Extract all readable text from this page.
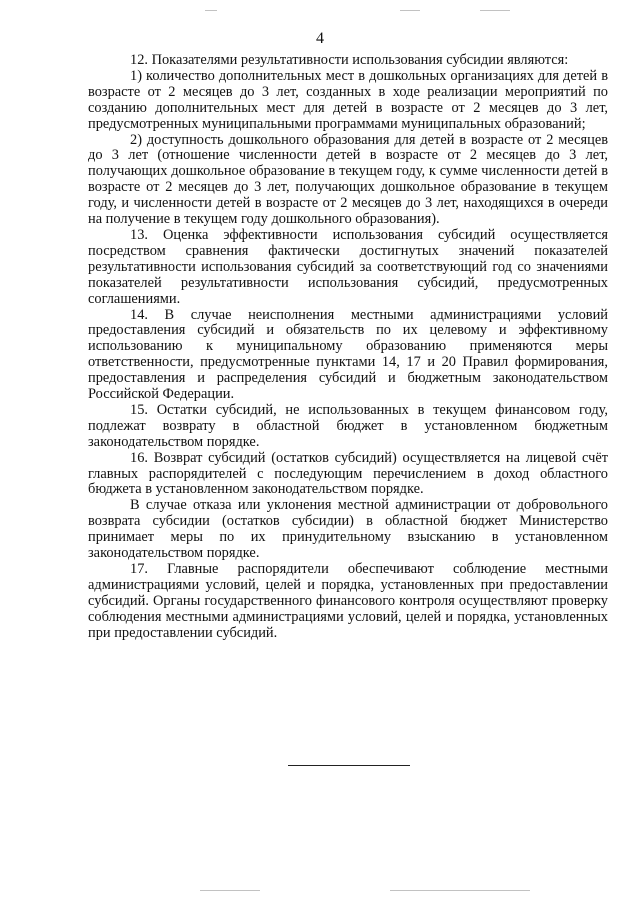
4

12. Показателями результативности использования субсидии являются:

1) количество дополнительных мест в дошкольных организациях для детей в возрасте от 2 месяцев до 3 лет, созданных в ходе реализации мероприятий по созданию дополнительных мест для детей в возрасте от 2 месяцев до 3 лет, предусмотренных муниципальными программами муниципальных образований;

2) доступность дошкольного образования для детей в возрасте от 2 месяцев до 3 лет (отношение численности детей в возрасте от 2 месяцев до 3 лет, получающих дошкольное образование в текущем году, к сумме численности детей в возрасте от 2 месяцев до 3 лет, получающих дошкольное образование в текущем году, и численности детей в возрасте от 2 месяцев до 3 лет, находящихся в очереди на получение в текущем году дошкольного образования).

13. Оценка эффективности использования субсидий осуществляется посредством сравнения фактически достигнутых значений показателей результативности использования субсидий за соответствующий год со значениями показателей результативности использования субсидий, предусмотренных соглашениями.

14. В случае неисполнения местными администрациями условий предоставления субсидий и обязательств по их целевому и эффективному использованию к муниципальному образованию применяются меры ответственности, предусмотренные пунктами 14, 17 и 20 Правил формирования, предоставления и распределения субсидий и бюджетным законодательством Российской Федерации.

15. Остатки субсидий, не использованных в текущем финансовом году, подлежат возврату в областной бюджет в установленном бюджетным законодательством порядке.

16. Возврат субсидий (остатков субсидий) осуществляется на лицевой счёт главных распорядителей с последующим перечислением в доход областного бюджета в установленном законодательством порядке.

В случае отказа или уклонения местной администрации от добровольного возврата субсидии (остатков субсидии) в областной бюджет Министерство принимает меры по их принудительному взысканию в установленном законодательством порядке.

17. Главные распорядители обеспечивают соблюдение местными администрациями условий, целей и порядка, установленных при предоставлении субсидий. Органы государственного финансового контроля осуществляют проверку соблюдения местными администрациями условий, целей и порядка, установленных при предоставлении субсидий.
